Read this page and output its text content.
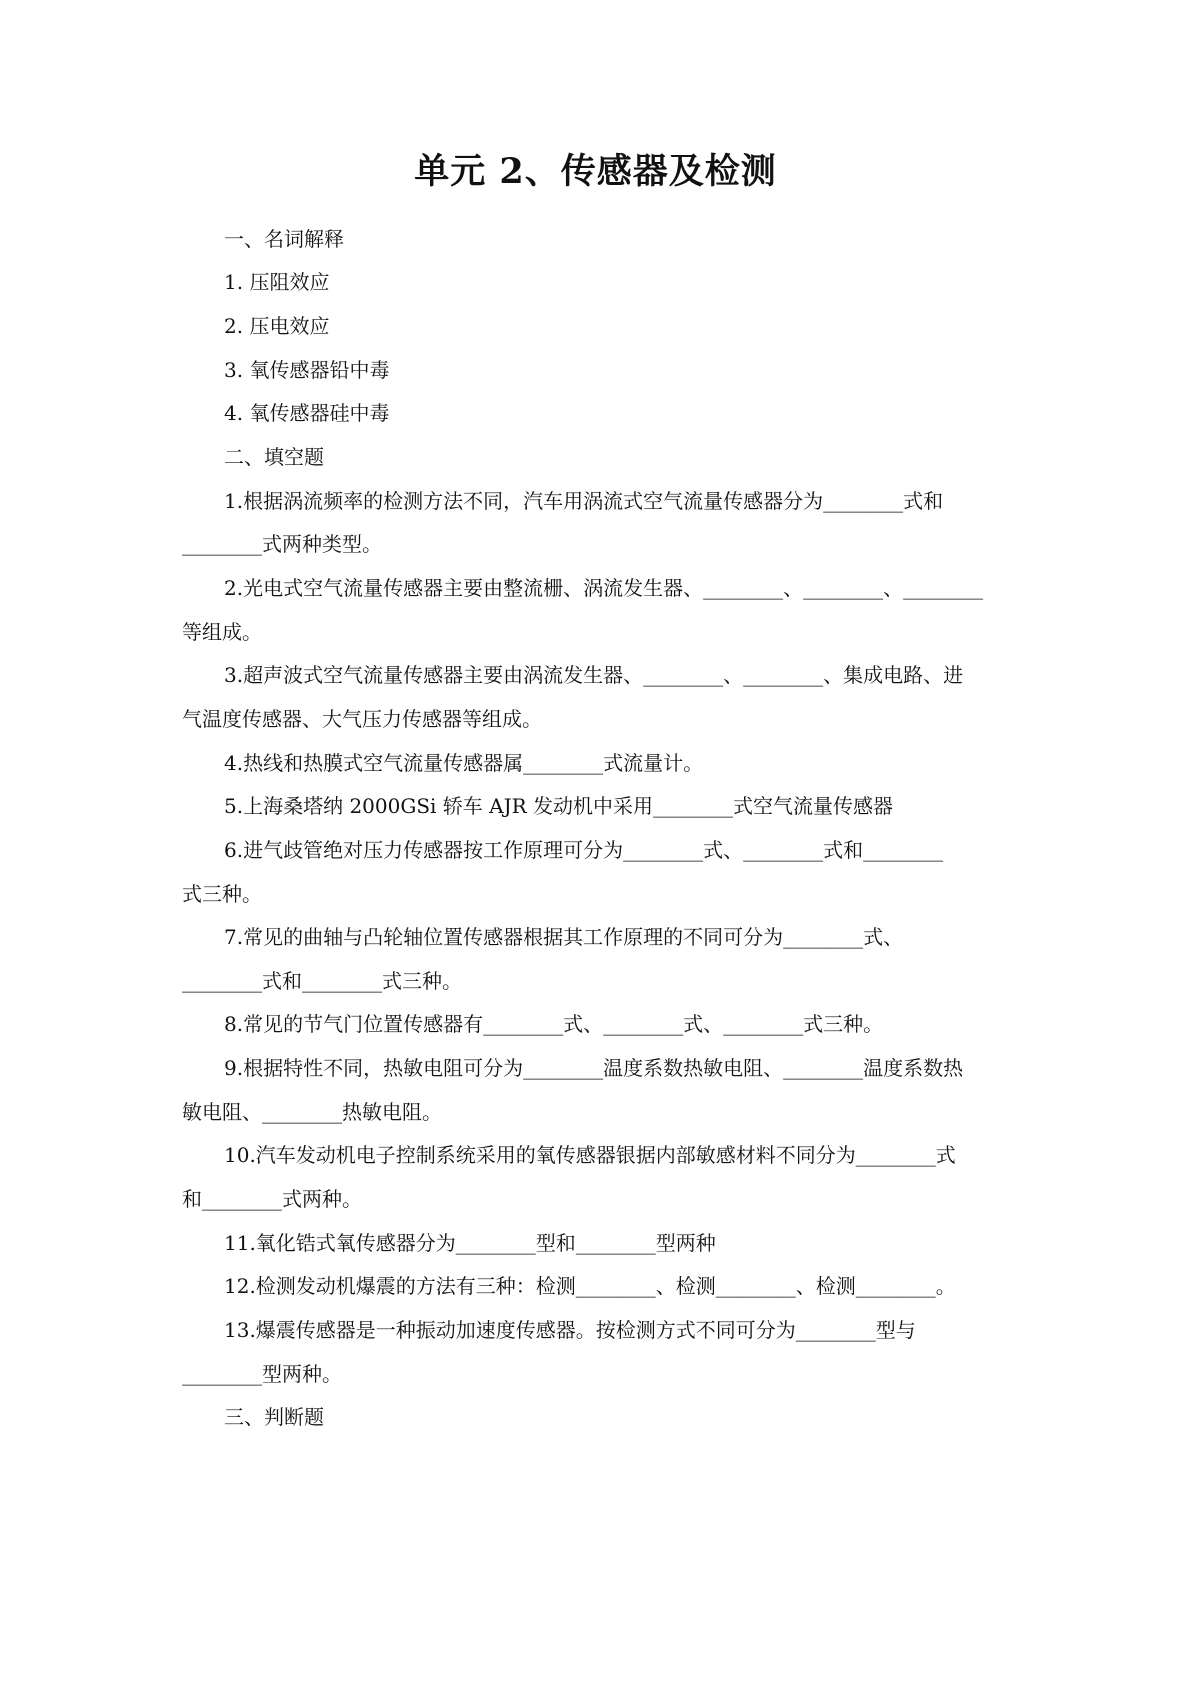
单元 2、传感器及检测
一、名词解释
1. 压阻效应
2. 压电效应
3. 氧传感器铅中毒
4. 氧传感器硅中毒
二、填空题
1.根据涡流频率的检测方法不同，汽车用涡流式空气流量传感器分为________式和
________式两种类型。
2.光电式空气流量传感器主要由整流栅、涡流发生器、________、________、________
等组成。
3.超声波式空气流量传感器主要由涡流发生器、________、________、集成电路、进
气温度传感器、大气压力传感器等组成。
4.热线和热膜式空气流量传感器属________式流量计。
5.上海桑塔纳 2000GSi 轿车 AJR 发动机中采用________式空气流量传感器
6.进气歧管绝对压力传感器按工作原理可分为________式、________式和________
式三种。
7.常见的曲轴与凸轮轴位置传感器根据其工作原理的不同可分为________式、
________式和________式三种。
8.常见的节气门位置传感器有________式、________式、________式三种。
9.根据特性不同，热敏电阻可分为________温度系数热敏电阻、________温度系数热
敏电阻、________热敏电阻。
10.汽车发动机电子控制系统采用的氧传感器银据内部敏感材料不同分为________式
和________式两种。
11.氧化锆式氧传感器分为________型和________型两种
12.检测发动机爆震的方法有三种：检测________、检测________、检测________。
13.爆震传感器是一种振动加速度传感器。按检测方式不同可分为________型与
________型两种。
三、判断题
